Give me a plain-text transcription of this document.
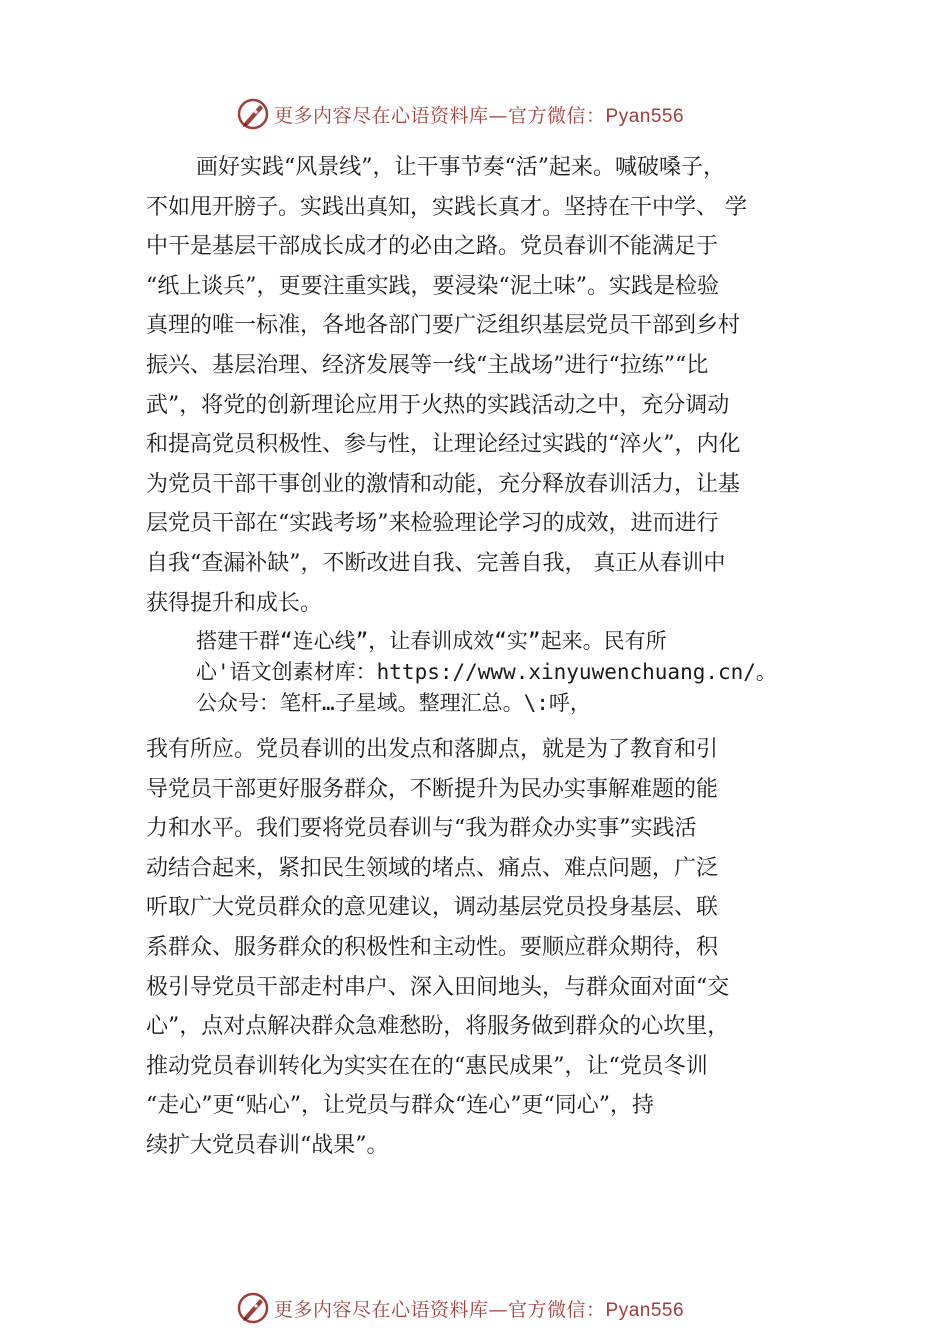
更多内容尽在心语资料库—官方微信：Pyan556
画好实践“风景线”，让干事节奏“活”起来。喊破嗓子，
不如甩开膀子。实践出真知，实践长真才。坚持在干中学、 学
中干是基层干部成长成才的必由之路。党员春训不能满足于
“纸上谈兵”，更要注重实践，要浸染“泥土味”。实践是检验
真理的唯一标准，各地各部门要广泛组织基层党员干部到乡村
振兴、基层治理、经济发展等一线“主战场”进行“拉练”“比
武”，将党的创新理论应用于火热的实践活动之中，充分调动
和提高党员积极性、参与性，让理论经过实践的“淬火”，内化
为党员干部干事创业的激情和动能，充分释放春训活力，让基
层党员干部在“实践考场”来检验理论学习的成效，进而进行
自我“查漏补缺”，不断改进自我、完善自我， 真正从春训中
获得提升和成长。
搭建干群“连心线”，让春训成效“实”起来。民有所
心'语文创素材库：https://www.xinyuwenchuang.cn/。
公众号：笔杆…子星域。整理汇总。\:呼，
我有所应。党员春训的出发点和落脚点，就是为了教育和引
导党员干部更好服务群众，不断提升为民办实事解难题的能
力和水平。我们要将党员春训与“我为群众办实事”实践活
动结合起来，紧扣民生领域的堵点、痛点、难点问题，广泛
听取广大党员群众的意见建议，调动基层党员投身基层、联
系群众、服务群众的积极性和主动性。要顺应群众期待，积
极引导党员干部走村串户、深入田间地头，与群众面对面“交
心”，点对点解决群众急难愁盼，将服务做到群众的心坎里，
推动党员春训转化为实实在在的“惠民成果”，让“党员冬训
“走心”更“贴心”，让党员与群众“连心”更“同心”，持
续扩大党员春训“战果”。
更多内容尽在心语资料库—官方微信：Pyan556
